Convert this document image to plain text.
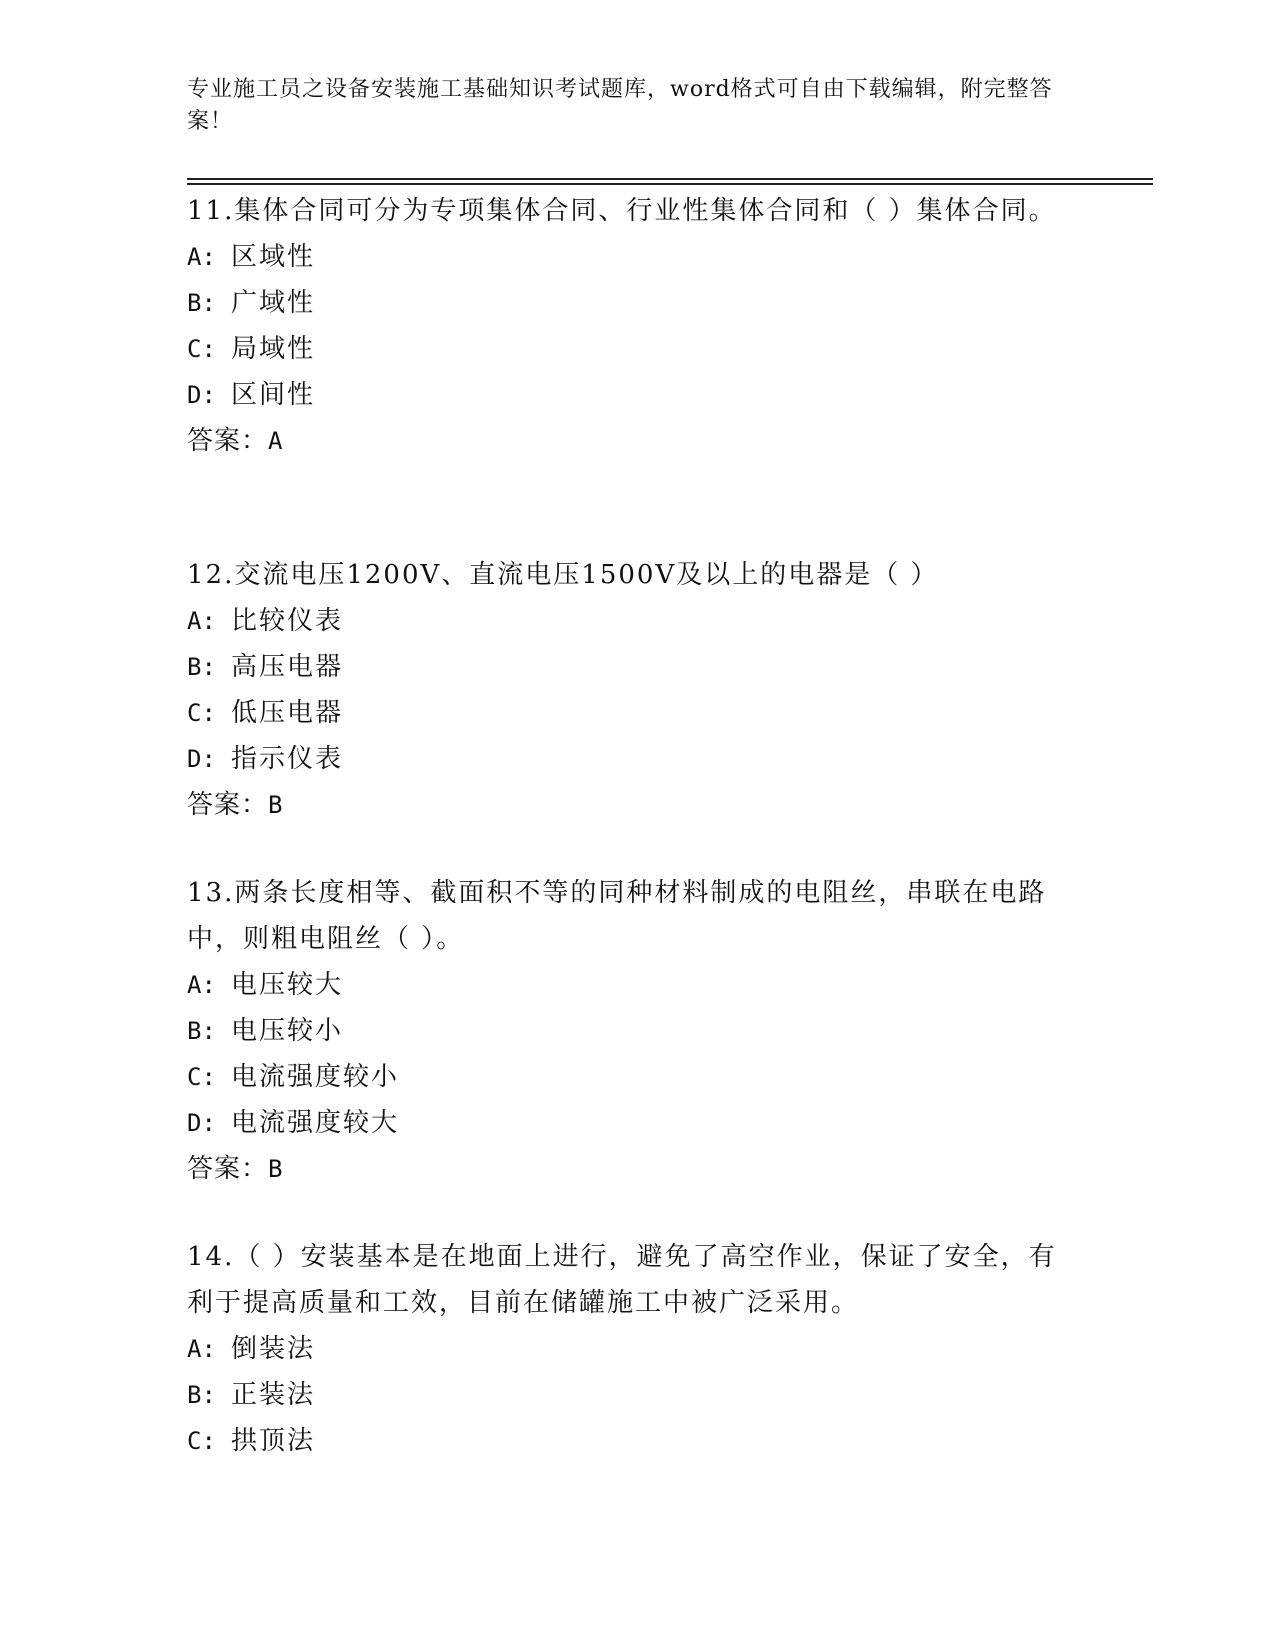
专业施工员之设备安装施工基础知识考试题库，word格式可自由下载编辑，附完整答案！
11.集体合同可分为专项集体合同、行业性集体合同和（ ）集体合同。
A: 区域性
B: 广域性
C: 局域性
D: 区间性
答案：A
12.交流电压1200V、直流电压1500V及以上的电器是（ ）
A: 比较仪表
B: 高压电器
C: 低压电器
D: 指示仪表
答案：B
13.两条长度相等、截面积不等的同种材料制成的电阻丝，串联在电路中，则粗电阻丝（ ）。
A: 电压较大
B: 电压较小
C: 电流强度较小
D: 电流强度较大
答案：B
14.（ ）安装基本是在地面上进行，避免了高空作业，保证了安全，有利于提高质量和工效，目前在储罐施工中被广泛采用。
A: 倒装法
B: 正装法
C: 拱顶法
